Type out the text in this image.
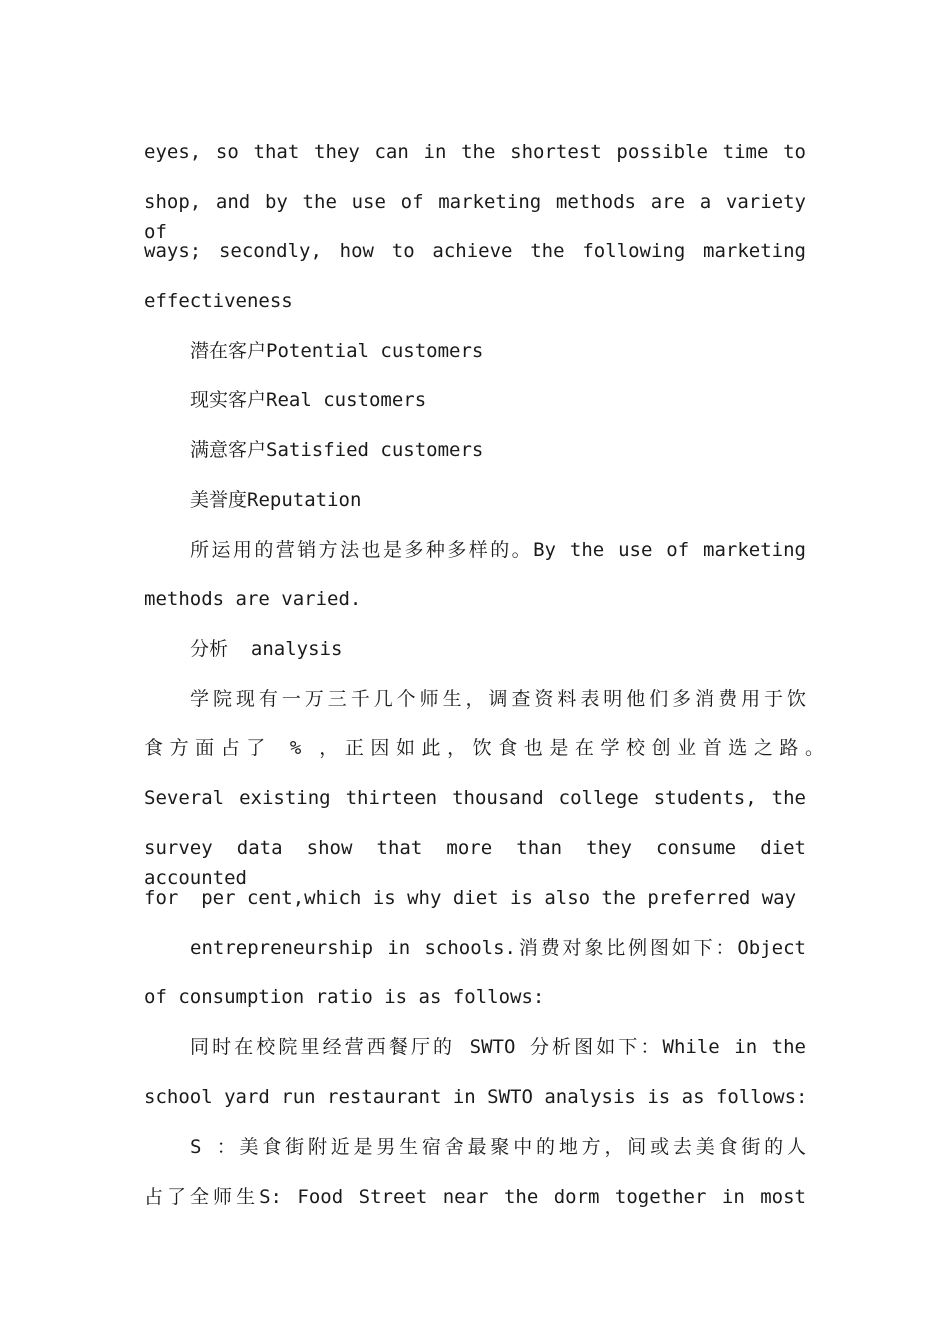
eyes, so that they can in the shortest possible time to
shop, and by the use of marketing methods are a variety of
ways; secondly, how to achieve the following marketing
effectiveness
潜在客户Potential customers
现实客户Real customers
满意客户Satisfied customers
美誉度Reputation
所运用的营销方法也是多种多样的。By the use of marketing
methods are varied.
分析  analysis
学院现有一万三千几个师生，调查资料表明他们多消费用于饮
食方面占了 % ，正因如此，饮食也是在学校创业首选之路。
Several existing thirteen thousand college students, the
survey data show that more than they consume diet accounted
for  per cent,which is why diet is also the preferred way
entrepreneurship in schools.消费对象比例图如下：Object
of consumption ratio is as follows:
同时在校院里经营西餐厅的 SWTO 分析图如下：While in the
school yard run restaurant in SWTO analysis is as follows:
S ：美食街附近是男生宿舍最聚中的地方，间或去美食街的人
占了全师生S: Food Street near the dorm together in most
